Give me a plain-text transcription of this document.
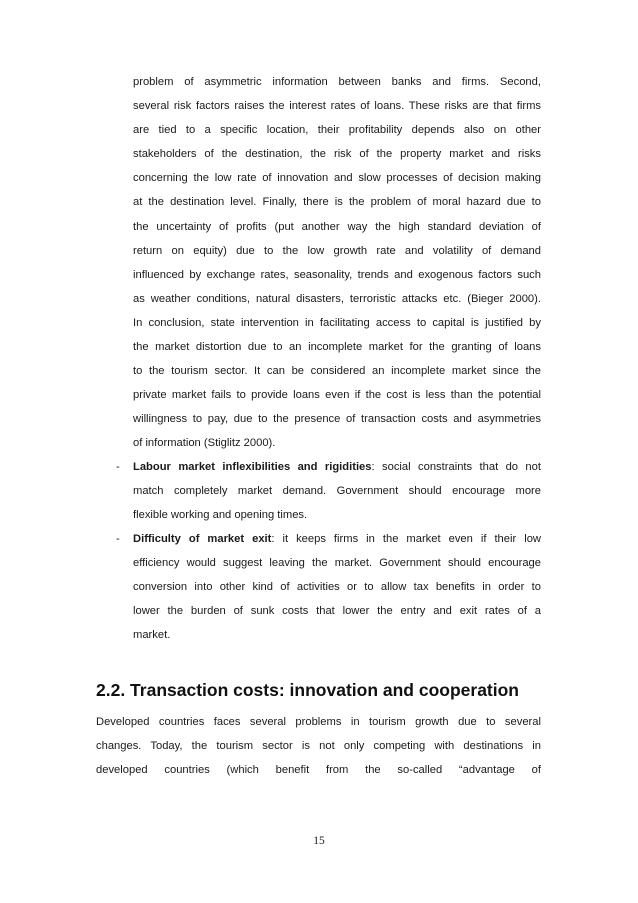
problem of asymmetric information between banks and firms. Second,
several risk factors raises the interest rates of loans. These risks are that firms
are tied to a specific location, their profitability depends also on other
stakeholders of the destination, the risk of the property market and risks
concerning the low rate of innovation and slow processes of decision making
at the destination level. Finally, there is the problem of moral hazard due to
the uncertainty of profits (put another way the high standard deviation of
return on equity) due to the low growth rate and volatility of demand
influenced by exchange rates, seasonality, trends and exogenous factors such
as weather conditions, natural disasters, terroristic attacks etc. (Bieger 2000).
In conclusion, state intervention in facilitating access to capital is justified by
the market distortion due to an incomplete market for the granting of loans
to the tourism sector. It can be considered an incomplete market since the
private market fails to provide loans even if the cost is less than the potential
willingness to pay, due to the presence of transaction costs and asymmetries
of information (Stiglitz 2000).
- Labour market inflexibilities and rigidities: social constraints that do not
match completely market demand. Government should encourage more
flexible working and opening times.
- Difficulty of market exit: it keeps firms in the market even if their low
efficiency would suggest leaving the market. Government should encourage
conversion into other kind of activities or to allow tax benefits in order to
lower the burden of sunk costs that lower the entry and exit rates of a
market.
2.2. Transaction costs: innovation and cooperation
Developed countries faces several problems in tourism growth due to several
changes. Today, the tourism sector is not only competing with destinations in
developed countries (which benefit from the so-called “advantage of
15
